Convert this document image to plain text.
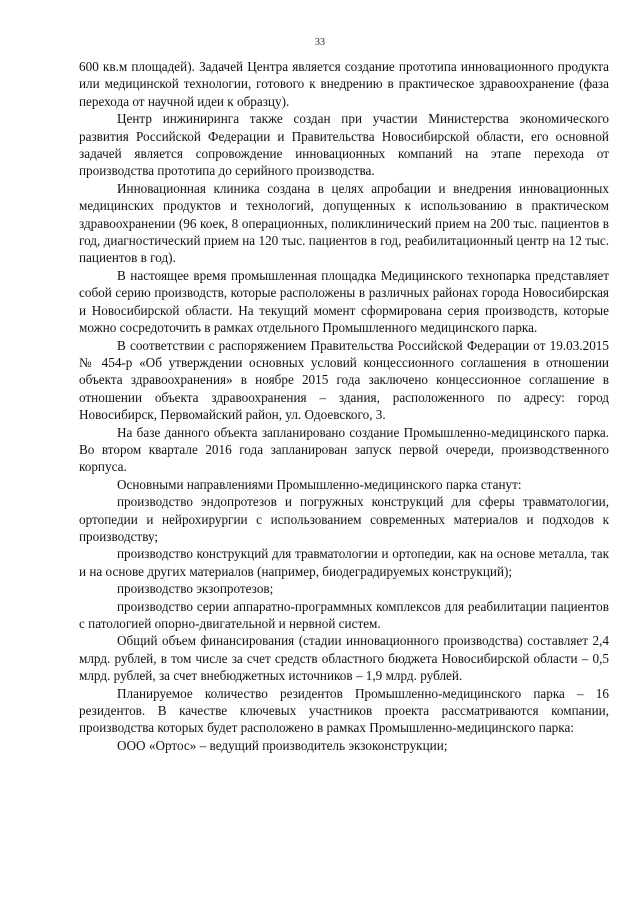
33

600 кв.м площадей). Задачей Центра является создание прототипа инновационного продукта или медицинской технологии, готового к внедрению в практическое здравоохранение (фаза перехода от научной идеи к образцу).

Центр инжиниринга также создан при участии Министерства экономического развития Российской Федерации и Правительства Новосибирской области, его основной задачей является сопровождение инновационных компаний на этапе перехода от производства прототипа до серийного производства.

Инновационная клиника создана в целях апробации и внедрения инновационных медицинских продуктов и технологий, допущенных к использованию в практическом здравоохранении (96 коек, 8 операционных, поликлинический прием на 200 тыс. пациентов в год, диагностический прием на 120 тыс. пациентов в год, реабилитационный центр на 12 тыс. пациентов в год).

В настоящее время промышленная площадка Медицинского технопарка представляет собой серию производств, которые расположены в различных районах города Новосибирская и Новосибирской области. На текущий момент сформирована серия производств, которые можно сосредоточить в рамках отдельного Промышленного медицинского парка.

В соответствии с распоряжением Правительства Российской Федерации от 19.03.2015 № 454-р «Об утверждении основных условий концессионного соглашения в отношении объекта здравоохранения» в ноябре 2015 года заключено концессионное соглашение в отношении объекта здравоохранения – здания, расположенного по адресу: город Новосибирск, Первомайский район, ул. Одоевского, 3.

На базе данного объекта запланировано создание Промышленно-медицинского парка. Во втором квартале 2016 года запланирован запуск первой очереди, производственного корпуса.

Основными направлениями Промышленно-медицинского парка станут:

производство эндопротезов и погружных конструкций для сферы травматологии, ортопедии и нейрохирургии с использованием современных материалов и подходов к производству;

производство конструкций для травматологии и ортопедии, как на основе металла, так и на основе других материалов (например, биодеградируемых конструкций);

производство экзопротезов;

производство серии аппаратно-программных комплексов для реабилитации пациентов с патологией опорно-двигательной и нервной систем.

Общий объем финансирования (стадии инновационного производства) составляет 2,4 млрд. рублей, в том числе за счет средств областного бюджета Новосибирской области – 0,5 млрд. рублей, за счет внебюджетных источников – 1,9 млрд. рублей.

Планируемое количество резидентов Промышленно-медицинского парка – 16 резидентов. В качестве ключевых участников проекта рассматриваются компании, производства которых будет расположено в рамках Промышленно-медицинского парка:

ООО «Ортос» – ведущий производитель экзоконструкции;
